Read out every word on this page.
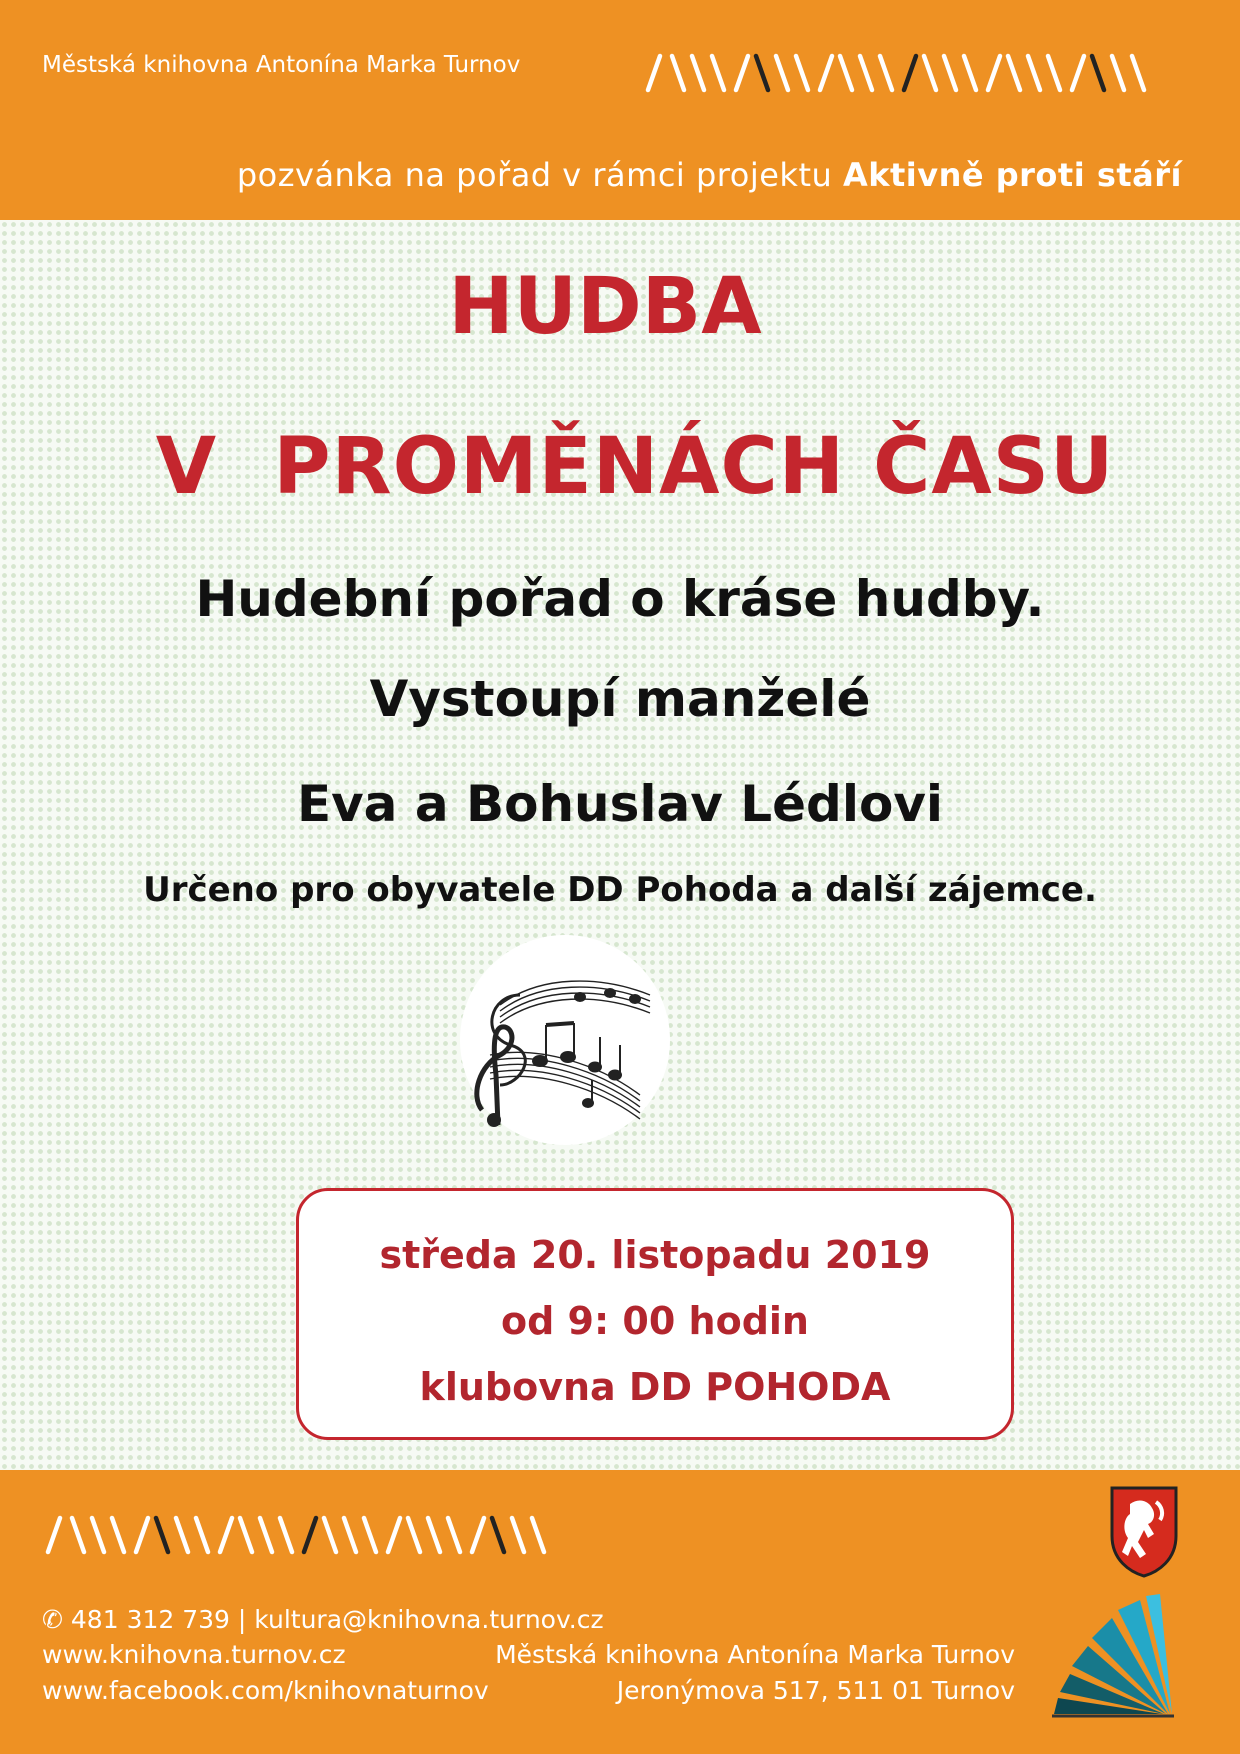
Městská knihovna Antonína Marka Turnov
pozvánka na pořad v rámci projektu Aktivně proti stáří
HUDBA
V  PROMĚNÁCH ČASU
Hudební pořad o kráse hudby.
Vystoupí manželé
Eva a Bohuslav Lédlovi
Určeno pro obyvatele DD Pohoda a další zájemce.
středa 20. listopadu 2019
od 9: 00 hodin
klubovna DD POHODA
✆ 481 312 739 | kultura@knihovna.turnov.cz
www.knihovna.turnov.cz
www.facebook.com/knihovnaturnov
Městská knihovna Antonína Marka Turnov
Jeronýmova 517, 511 01 Turnov
